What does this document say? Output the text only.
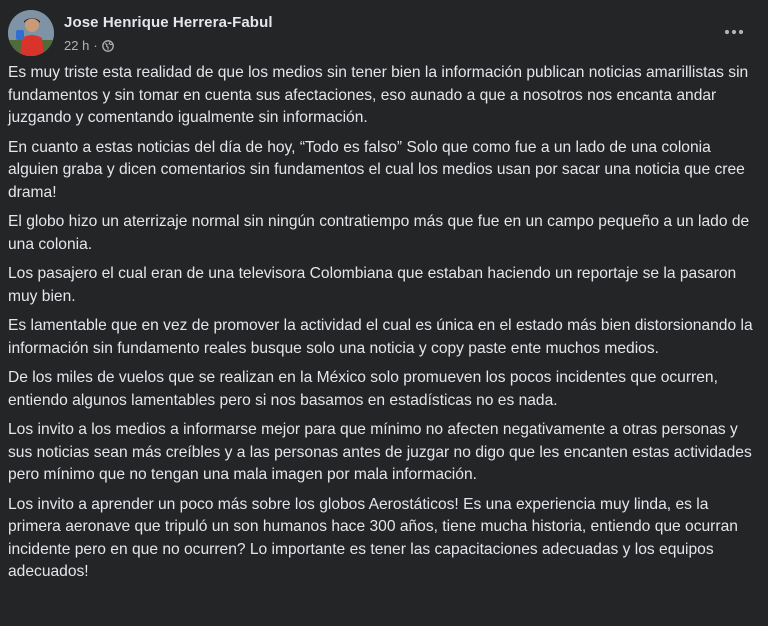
Jose Henrique Herrera-Fabul
22 h ·

Es muy triste esta realidad de que los medios sin tener bien la información publican noticias amarillistas sin fundamentos y sin tomar en cuenta sus afectaciones, eso aunado a que a nosotros nos encanta andar juzgando y comentando igualmente sin información.

En cuanto a estas noticias del día de hoy, “Todo es falso” Solo que como fue a un lado de una colonia alguien graba y dicen comentarios sin fundamentos el cual los medios usan por sacar una noticia que cree drama!

El globo hizo un aterrizaje normal sin ningún contratiempo más que fue en un campo pequeño a un lado de una colonia.

Los pasajero el cual eran de una televisora Colombiana que estaban haciendo un reportaje se la pasaron muy bien.

Es lamentable que en vez de promover la actividad el cual es única en el estado más bien distorsionando la información sin fundamento reales busque solo una noticia y copy paste ente muchos medios.

De los miles de vuelos que se realizan en la México solo promueven los pocos incidentes que ocurren, entiendo algunos lamentables pero si nos basamos en estadísticas no es nada.

Los invito a los medios a informarse mejor para que mínimo no afecten negativamente a otras personas y sus noticias sean más creíbles y a las personas antes de juzgar no digo que les encanten estas actividades pero mínimo que no tengan una mala imagen por mala información.

Los invito a aprender un poco más sobre los globos Aerostáticos! Es una experiencia muy linda, es la primera aeronave que tripuló un son humanos hace 300 años, tiene mucha historia, entiendo que ocurran incidente pero en que no ocurren? Lo importante es tener las capacitaciones adecuadas y los equipos adecuados!
